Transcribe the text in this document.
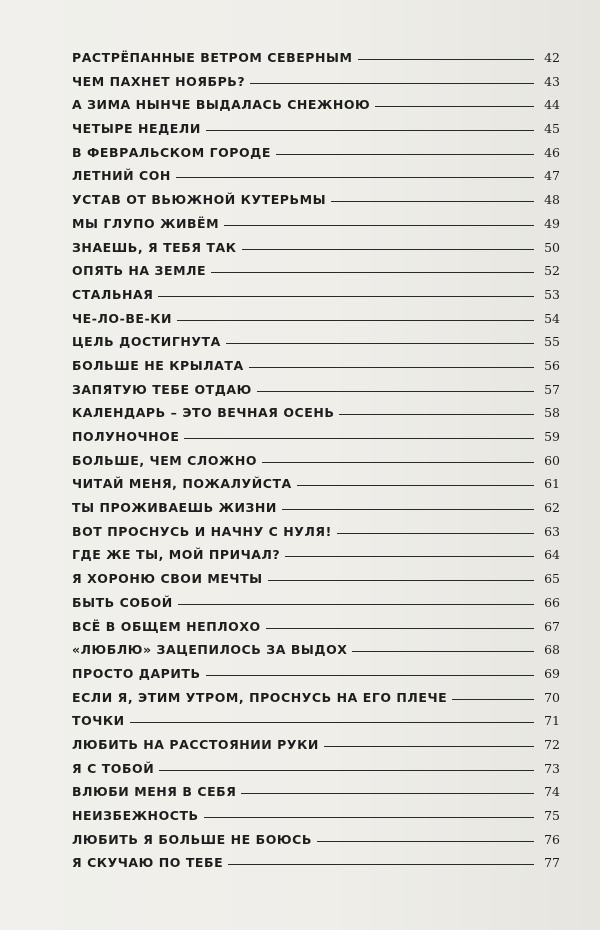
РАСТРЁПАННЫЕ ВЕТРОМ СЕВЕРНЫМ	42
ЧЕМ ПАХНЕТ НОЯБРЬ?	43
А ЗИМА НЫНЧЕ ВЫДАЛАСЬ СНЕЖНОЮ	44
ЧЕТЫРЕ НЕДЕЛИ	45
В ФЕВРАЛЬСКОМ ГОРОДЕ	46
ЛЕТНИЙ СОН	47
УСТАВ ОТ ВЬЮЖНОЙ КУТЕРЬМЫ	48
МЫ ГЛУПО ЖИВЁМ	49
ЗНАЕШЬ, Я ТЕБЯ ТАК	50
ОПЯТЬ НА ЗЕМЛЕ	52
СТАЛЬНАЯ	53
ЧЕ-ЛО-ВЕ-КИ	54
ЦЕЛЬ ДОСТИГНУТА	55
БОЛЬШЕ НЕ КРЫЛАТА	56
ЗАПЯТУЮ ТЕБЕ ОТДАЮ	57
КАЛЕНДАРЬ – ЭТО ВЕЧНАЯ ОСЕНЬ	58
ПОЛУНОЧНОЕ	59
БОЛЬШЕ, ЧЕМ СЛОЖНО	60
ЧИТАЙ МЕНЯ, ПОЖАЛУЙСТА	61
ТЫ ПРОЖИВАЕШЬ ЖИЗНИ	62
ВОТ ПРОСНУСЬ И НАЧНУ С НУЛЯ!	63
ГДЕ ЖЕ ТЫ, МОЙ ПРИЧАЛ?	64
Я ХОРОНЮ СВОИ МЕЧТЫ	65
БЫТЬ СОБОЙ	66
ВСЁ В ОБЩЕМ НЕПЛОХО	67
«ЛЮБЛЮ» ЗАЦЕПИЛОСЬ ЗА ВЫДОХ	68
ПРОСТО ДАРИТЬ	69
ЕСЛИ Я, ЭТИМ УТРОМ, ПРОСНУСЬ НА ЕГО ПЛЕЧЕ	70
ТОЧКИ	71
ЛЮБИТЬ НА РАССТОЯНИИ РУКИ	72
Я С ТОБОЙ	73
ВЛЮБИ МЕНЯ В СЕБЯ	74
НЕИЗБЕЖНОСТЬ	75
ЛЮБИТЬ Я БОЛЬШЕ НЕ БОЮСЬ	76
Я СКУЧАЮ ПО ТЕБЕ	77
